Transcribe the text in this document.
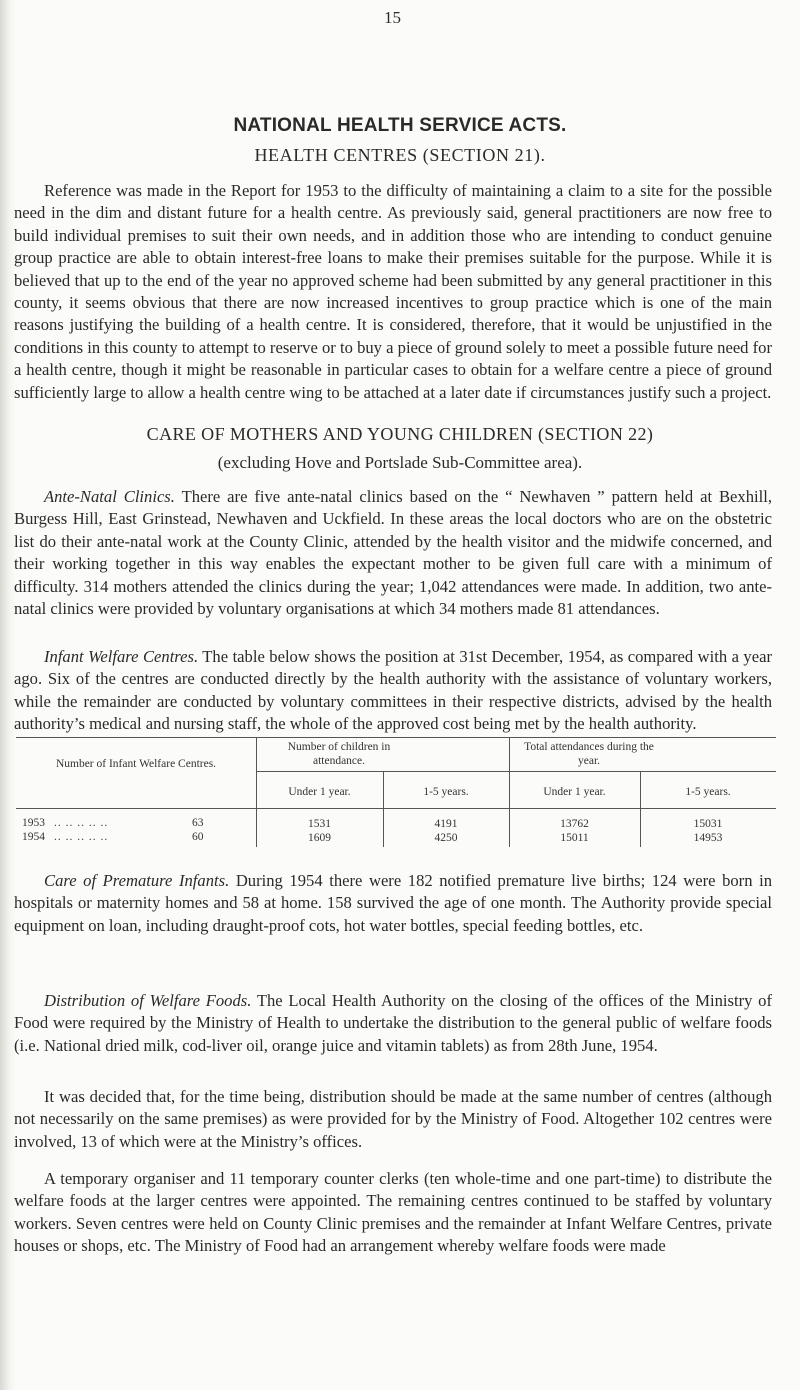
15
NATIONAL HEALTH SERVICE ACTS.
HEALTH CENTRES (SECTION 21).

Reference was made in the Report for 1953 to the difficulty of maintaining a claim to a site for the possible need in the dim and distant future for a health centre. As previously said, general practitioners are now free to build individual premises to suit their own needs, and in addition those who are intending to conduct genuine group practice are able to obtain interest-free loans to make their premises suitable for the purpose. While it is believed that up to the end of the year no approved scheme had been submitted by any general practitioner in this county, it seems obvious that there are now increased incentives to group practice which is one of the main reasons justifying the building of a health centre. It is considered, therefore, that it would be unjustified in the conditions in this county to attempt to reserve or to buy a piece of ground solely to meet a possible future need for a health centre, though it might be reasonable in particular cases to obtain for a welfare centre a piece of ground sufficiently large to allow a health centre wing to be attached at a later date if circumstances justify such a project.

CARE OF MOTHERS AND YOUNG CHILDREN (SECTION 22)
(excluding Hove and Portslade Sub-Committee area).

Ante-Natal Clinics. There are five ante-natal clinics based on the “ Newhaven ” pattern held at Bexhill, Burgess Hill, East Grinstead, Newhaven and Uckfield. In these areas the local doctors who are on the obstetric list do their ante-natal work at the County Clinic, attended by the health visitor and the midwife concerned, and their working together in this way enables the expectant mother to be given full care with a minimum of difficulty. 314 mothers attended the clinics during the year; 1,042 attendances were made. In addition, two ante-natal clinics were provided by voluntary organisations at which 34 mothers made 81 attendances.

Infant Welfare Centres. The table below shows the position at 31st December, 1954, as compared with a year ago. Six of the centres are conducted directly by the health authority with the assistance of voluntary workers, while the remainder are conducted by voluntary committees in their respective districts, advised by the health authority’s medical and nursing staff, the whole of the approved cost being met by the health authority.

Number of Infant Welfare Centres.
Number of children in attendance.
Total attendances during the year.
Under 1 year.	1-5 years.	Under 1 year.	1-5 years.
1953 .. .. .. .. ..	63	1531	4191	13762	15031
1954 .. .. .. .. ..	60	1609	4250	15011	14953

Care of Premature Infants. During 1954 there were 182 notified premature live births; 124 were born in hospitals or maternity homes and 58 at home. 158 survived the age of one month. The Authority provide special equipment on loan, including draught-proof cots, hot water bottles, special feeding bottles, etc.

Distribution of Welfare Foods. The Local Health Authority on the closing of the offices of the Ministry of Food were required by the Ministry of Health to undertake the distribution to the general public of welfare foods (i.e. National dried milk, cod-liver oil, orange juice and vitamin tablets) as from 28th June, 1954.

It was decided that, for the time being, distribution should be made at the same number of centres (although not necessarily on the same premises) as were provided for by the Ministry of Food. Altogether 102 centres were involved, 13 of which were at the Ministry’s offices.

A temporary organiser and 11 temporary counter clerks (ten whole-time and one part-time) to distribute the welfare foods at the larger centres were appointed. The remaining centres continued to be staffed by voluntary workers. Seven centres were held on County Clinic premises and the remainder at Infant Welfare Centres, private houses or shops, etc. The Ministry of Food had an arrangement whereby welfare foods were made
